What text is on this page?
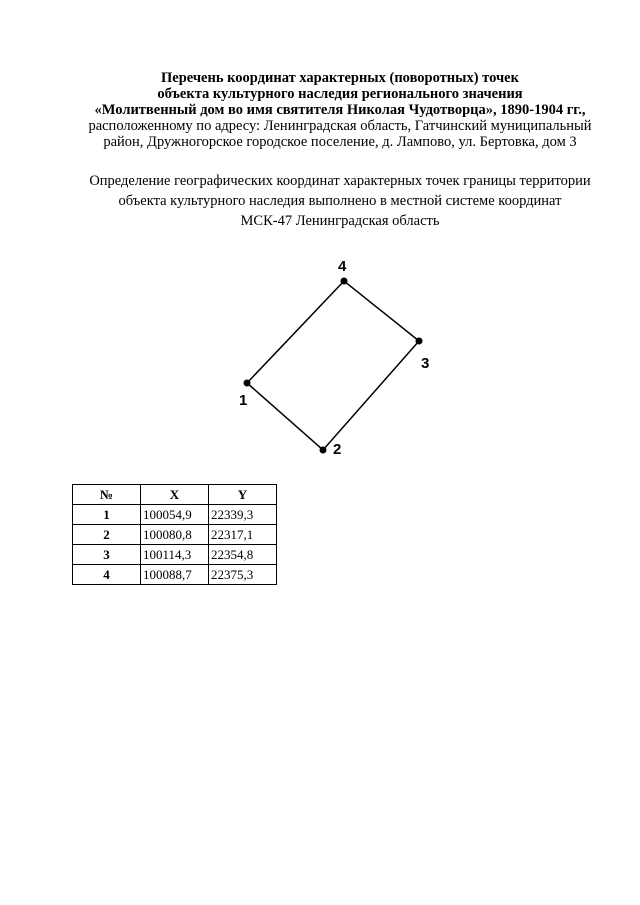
Перечень координат характерных (поворотных) точек
объекта культурного наследия регионального значения
«Молитвенный дом во имя святителя Николая Чудотворца», 1890-1904 гг.,
расположенному по адресу: Ленинградская область, Гатчинский муниципальный
район, Дружногорское городское поселение, д. Лампово, ул. Бертовка, дом 3
Определение географических координат характерных точек границы территории
объекта культурного наследия выполнено в местной системе координат
МСК-47 Ленинградская область
1
2
3
4
№	X	Y
1	100054,9	22339,3
2	100080,8	22317,1
3	100114,3	22354,8
4	100088,7	22375,3
